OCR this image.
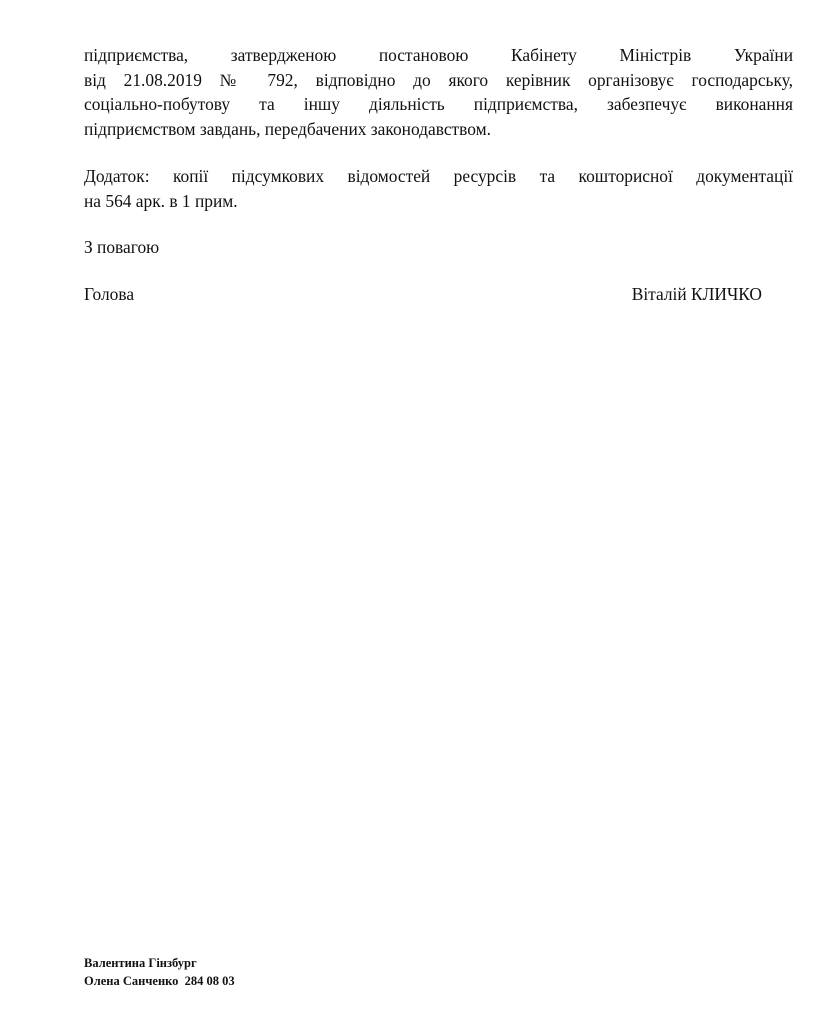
підприємства, затвердженою постановою Кабінету Міністрів України
від 21.08.2019 № 792, відповідно до якого керівник організовує господарську,
соціально-побутову та іншу діяльність підприємства, забезпечує виконання
підприємством завдань, передбачених законодавством.

Додаток: копії підсумкових відомостей ресурсів та кошторисної документації
на 564 арк. в 1 прим.

З повагою

Голова	Віталій КЛИЧКО
Валентина Гінзбург
Олена Санченко  284 08 03
